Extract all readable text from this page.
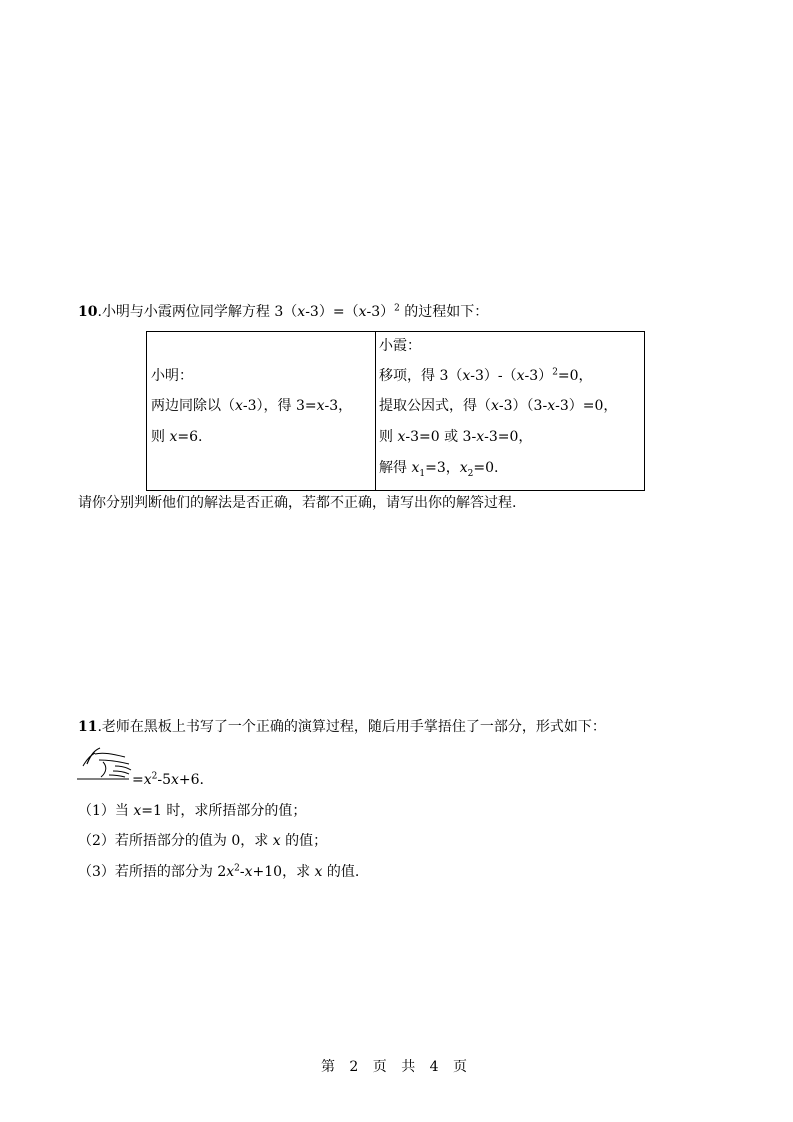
10.小明与小霞两位同学解方程 $3(x-3)=(x-3)^2$ 的过程如下：
小明：
两边同除以（x-3），得 3=x-3，
则 x=6.

小霞：
移项，得 $3(x-3)-(x-3)^2=0$，
提取公因式，得（x-3）（3-x-3）=0，
则 x-3=0 或 3-x-3=0，
解得 $x_1=3$，$x_2=0$.
请你分别判断他们的解法是否正确，若都不正确，请写出你的解答过程.
11.老师在黑板上书写了一个正确的演算过程，随后用手掌捂住了一部分，形式如下：
$=x^2-5x+6$.
（1）当 x=1 时，求所捂部分的值；
（2）若所捂部分的值为 0，求 x 的值；
（3）若所捂的部分为 $2x^2-x+10$，求 x 的值.
第 2 页 共 4 页
